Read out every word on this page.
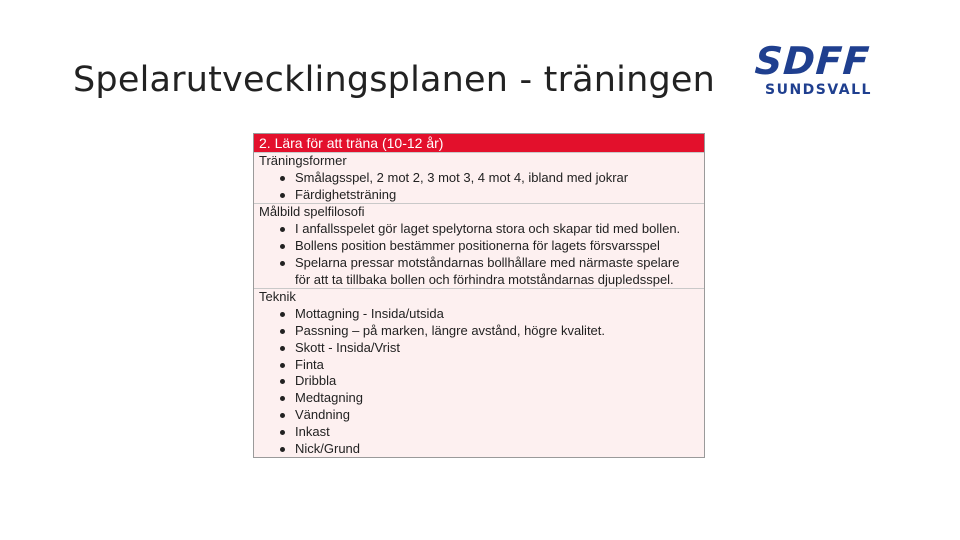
Spelarutvecklingsplanen - träningen SDFF
SUNDSVALL
2. Lära för att träna (10-12 år)
Träningsformer
Smålagsspel, 2 mot 2, 3 mot 3, 4 mot 4, ibland med jokrar
Färdighetsträning
Målbild spelfilosofi
I anfallsspelet gör laget spelytorna stora och skapar tid med bollen.
Bollens position bestämmer positionerna för lagets försvarsspel
Spelarna pressar motståndarnas bollhållare med närmaste spelare för att ta tillbaka bollen och förhindra motståndarnas djupledsspel.
Teknik
Mottagning - Insida/utsida
Passning – på marken, längre avstånd, högre kvalitet.
Skott - Insida/Vrist
Finta
Dribbla
Medtagning
Vändning
Inkast
Nick/Grund
